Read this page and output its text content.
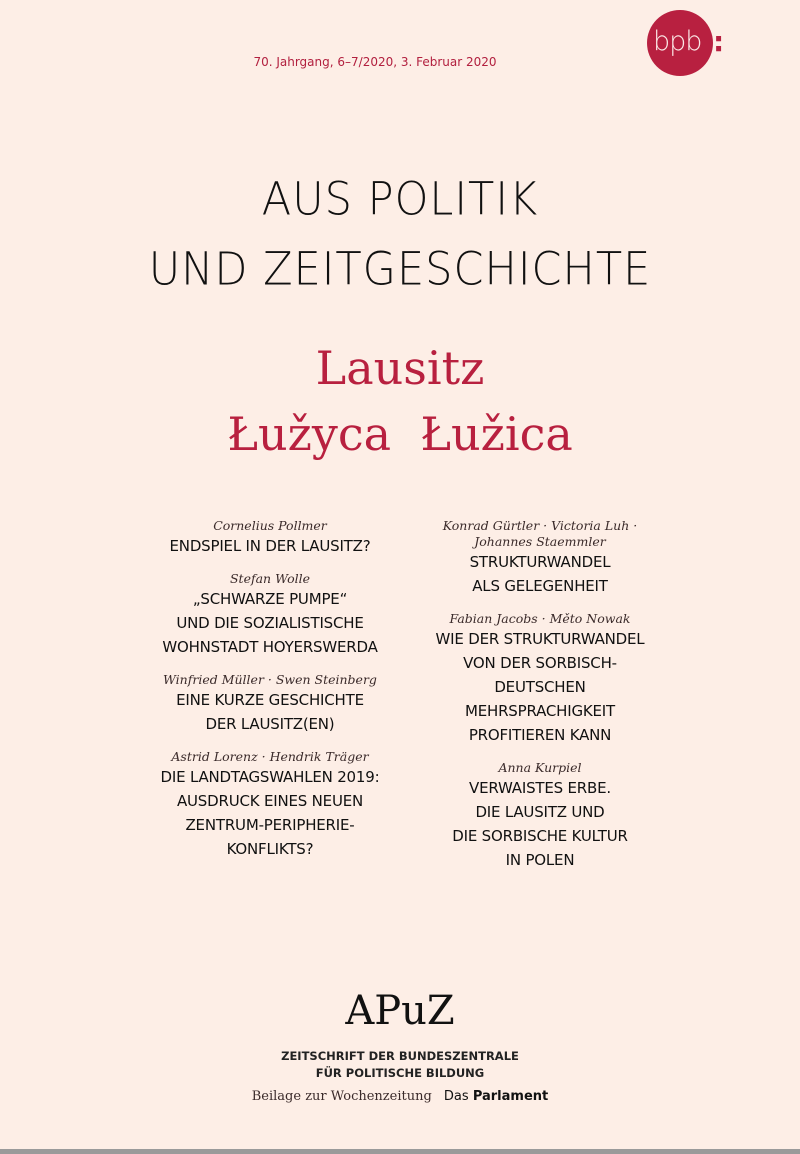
70. Jahrgang, 6–7/2020, 3. Februar 2020
bpb :
AUS POLITIK
UND ZEITGESCHICHTE
Lausitz
Łužyca  Łužica
Cornelius Pollmer
ENDSPIEL IN DER LAUSITZ?
Stefan Wolle
„SCHWARZE PUMPE“
UND DIE SOZIALISTISCHE
WOHNSTADT HOYERSWERDA
Winfried Müller · Swen Steinberg
EINE KURZE GESCHICHTE
DER LAUSITZ(EN)
Astrid Lorenz · Hendrik Träger
DIE LANDTAGSWAHLEN 2019:
AUSDRUCK EINES NEUEN
ZENTRUM-PERIPHERIE-
KONFLIKTS?
Konrad Gürtler · Victoria Luh ·
Johannes Staemmler
STRUKTURWANDEL
ALS GELEGENHEIT
Fabian Jacobs · Měto Nowak
WIE DER STRUKTURWANDEL
VON DER SORBISCH-
DEUTSCHEN
MEHRSPRACHIGKEIT
PROFITIEREN KANN
Anna Kurpiel
VERWAISTES ERBE.
DIE LAUSITZ UND
DIE SORBISCHE KULTUR
IN POLEN
APuZ
ZEITSCHRIFT DER BUNDESZENTRALE
FÜR POLITISCHE BILDUNG
Beilage zur Wochenzeitung Das Parlament
